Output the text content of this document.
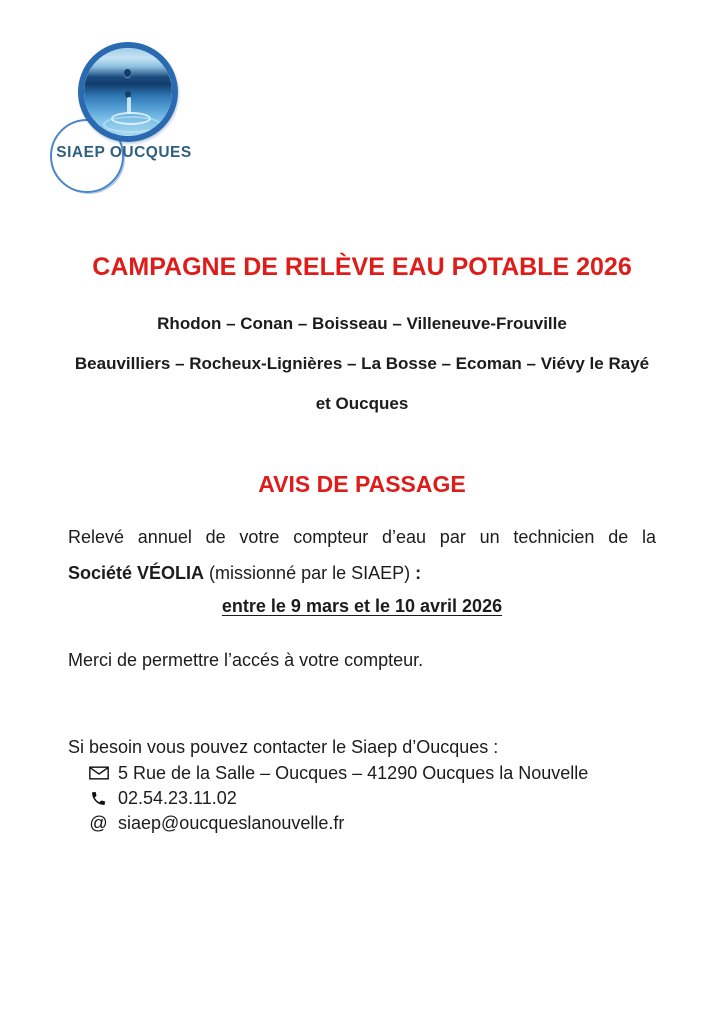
SIAEP OUCQUES
CAMPAGNE DE RELÈVE EAU POTABLE 2026
Rhodon – Conan – Boisseau – Villeneuve-Frouville
Beauvilliers – Rocheux-Lignières – La Bosse – Ecoman – Viévy le Rayé
et Oucques
AVIS DE PASSAGE
Relevé annuel de votre compteur d’eau par un technicien de la
Société VÉOLIA (missionné par le SIAEP) :
entre le 9 mars et le 10 avril 2026
Merci de permettre l’accés à votre compteur.
Si besoin vous pouvez contacter le Siaep d’Oucques :
5 Rue de la Salle – Oucques – 41290 Oucques la Nouvelle
02.54.23.11.02
@ siaep@oucqueslanouvelle.fr
